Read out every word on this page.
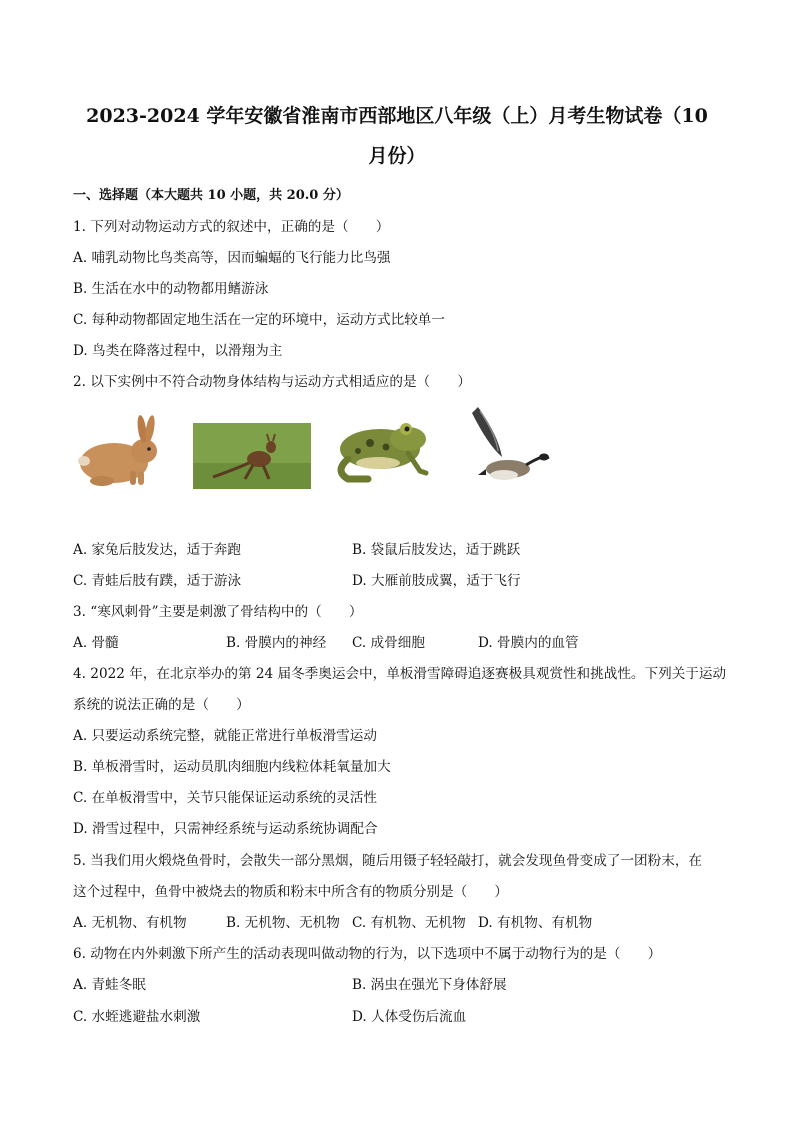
2023-2024 学年安徽省淮南市西部地区八年级（上）月考生物试卷（10
月份）
一、选择题（本大题共 10 小题，共 20.0 分）
1. 下列对动物运动方式的叙述中，正确的是（　　）
A. 哺乳动物比鸟类高等，因而蝙蝠的飞行能力比鸟强
B. 生活在水中的动物都用鳍游泳
C. 每种动物都固定地生活在一定的环境中，运动方式比较单一
D. 鸟类在降落过程中，以滑翔为主
2. 以下实例中不符合动物身体结构与运动方式相适应的是（　　）
A. 家兔后肢发达，适于奔跑	B. 袋鼠后肢发达，适于跳跃
C. 青蛙后肢有蹼，适于游泳	D. 大雁前肢成翼，适于飞行
3. “寒风刺骨”主要是刺激了骨结构中的（　　）
A. 骨髓	B. 骨膜内的神经 C. 成骨细胞	D. 骨膜内的血管
4. 2022 年，在北京举办的第 24 届冬季奥运会中，单板滑雪障碍追逐赛极具观赏性和挑战性。下列关于运动
系统的说法正确的是（　　）
A. 只要运动系统完整，就能正常进行单板滑雪运动
B. 单板滑雪时，运动员肌肉细胞内线粒体耗氧量加大
C. 在单板滑雪中，关节只能保证运动系统的灵活性
D. 滑雪过程中，只需神经系统与运动系统协调配合
5. 当我们用火煅烧鱼骨时，会散失一部分黑烟，随后用镊子轻轻敲打，就会发现鱼骨变成了一团粉末，在
这个过程中，鱼骨中被烧去的物质和粉末中所含有的物质分别是（　　）
A. 无机物、有机物	B. 无机物、无机物 C. 有机物、无机物 D. 有机物、有机物
6. 动物在内外刺激下所产生的活动表现叫做动物的行为，以下选项中不属于动物行为的是（　　）
A. 青蛙冬眠	B. 涡虫在强光下身体舒展
C. 水蛭逃避盐水刺激	D. 人体受伤后流血
